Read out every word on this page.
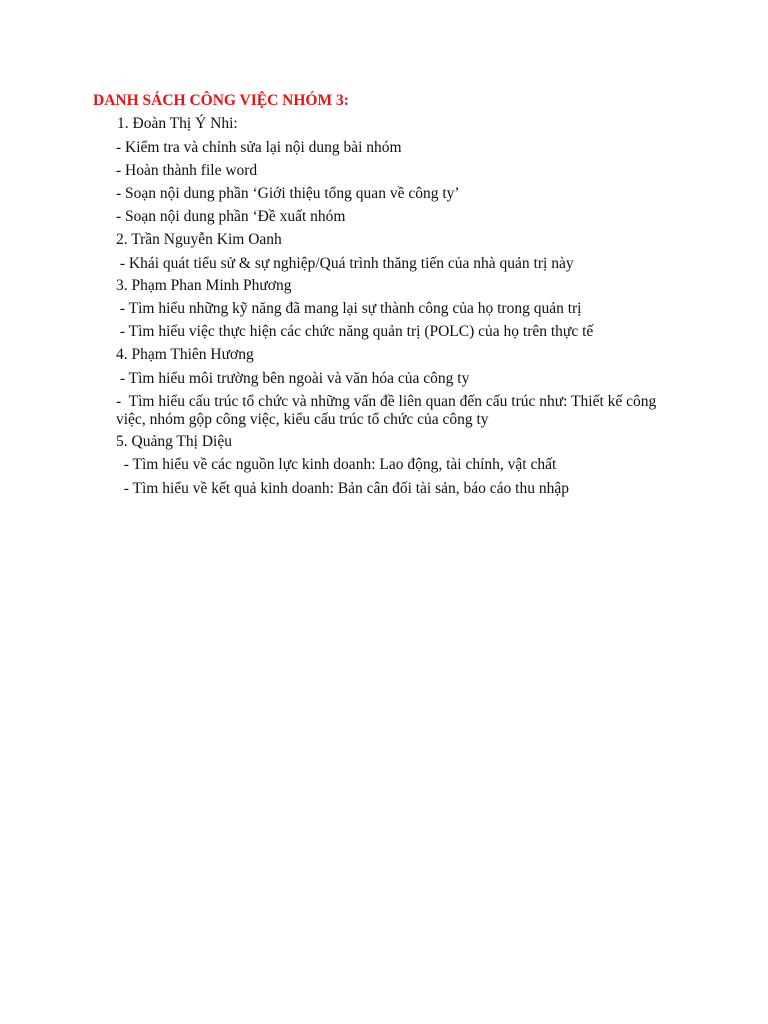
DANH SÁCH CÔNG VIỆC NHÓM 3:
1. Đoàn Thị Ý Nhi:
- Kiểm tra và chỉnh sửa lại nội dung bài nhóm
- Hoàn thành file word
- Soạn nội dung phần ‘Giới thiệu tổng quan về công ty’
- Soạn nội dung phần ‘Đề xuất nhóm
2. Trần Nguyễn Kim Oanh
- Khái quát tiểu sử & sự nghiệp/Quá trình thăng tiến của nhà quản trị này
3. Phạm Phan Minh Phương
- Tìm hiểu những kỹ năng đã mang lại sự thành công của họ trong quản trị
- Tìm hiểu việc thực hiện các chức năng quản trị (POLC) của họ trên thực tế
4. Phạm Thiên Hương
- Tìm hiểu môi trường bên ngoài và văn hóa của công ty
-  Tìm hiểu cấu trúc tổ chức và những vấn đề liên quan đến cấu trúc như: Thiết kế công việc, nhóm gộp công việc, kiểu cấu trúc tổ chức của công ty
5. Quảng Thị Diệu
- Tìm hiểu về các nguồn lực kinh doanh: Lao động, tài chính, vật chất
- Tìm hiểu về kết quả kinh doanh: Bản cân đối tài sản, báo cáo thu nhập
